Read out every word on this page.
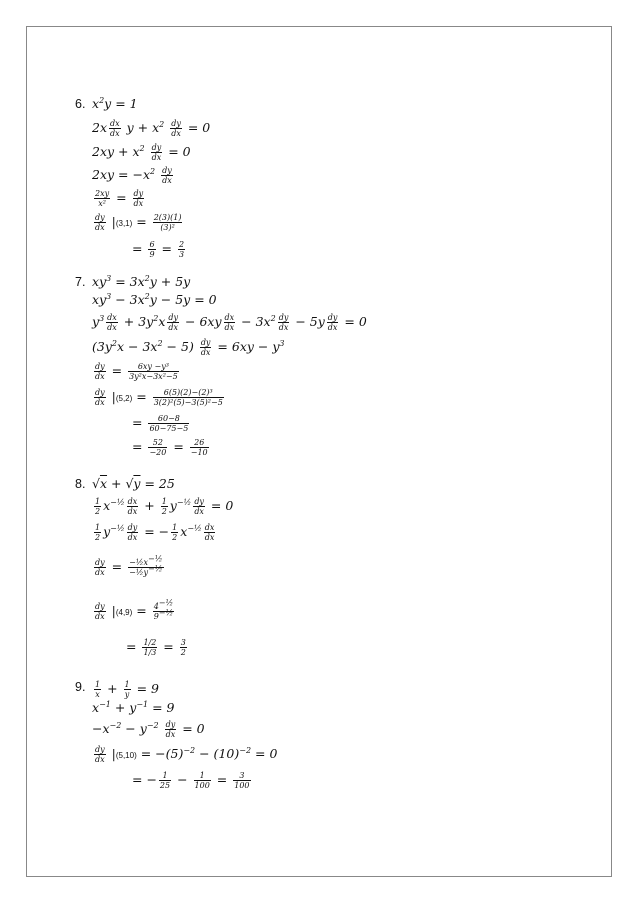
6. $x^2y = 1$
$2x \frac{dx}{dx}$ $y + x^2 \frac{dy}{dx} = 0$
$2xy + x^2 \frac{dy}{dx} = 0$
$2xy = -x^2 \frac{dy}{dx}$
$\frac{2xy}{\text{x²}} = \frac{dy}{dx}$
$\frac{dy}{dx} |(3,1) = \frac{2(3)(1)}{\text{(3)²}}$
= $\frac{6}{9} = \frac{2}{3}$
7. $xy^3 = 3x^2y + 5y$
$xy^3 - 3x^2y - 5y = 0$
$y^3 \frac{dx}{dx} + 3y^2x \frac{dy}{dx} - 6xy \frac{dx}{dx} - 3x^2 \frac{dy}{dx} - 5y \frac{dy}{dx} = 0$
$(3y^2x - 3x^2 - 5) \frac{dy}{dx} = 6xy - y^3$
$\frac{dy}{dx} = \frac{\text{6xy −y³}}{\text{3y²x−3x²−5}}$
$\frac{dy}{dx} |(5,2) = \frac{\text{6(5)(2)−(2)³}}{\text{3(2)²(5)−3(5)²−5}}$
= $\frac{60-8}{60-75-5}$
= $\frac{52}{-20} = \frac{26}{-10}$
8. √x + √y = 25
$\frac{1}{2} x^{-\frac{1}{2}} \frac{dx}{dx} + \frac{1}{2} y^{-\frac{1}{2}} \frac{dy}{dx} = 0$
$\frac{1}{2} y^{-\frac{1}{2}} \frac{dy}{dx}$ = − $\frac{1}{2} x^{-\frac{1}{2}} \frac{dx}{dx}$
$\frac{dy}{dx} = \frac{-\frac{1}{2}x^{-\frac{1}{2}}}{-\frac{1}{2}y^{-\frac{1}{2}}}$
$\frac{dy}{dx} |(4,9) = \frac{4^{-\frac{1}{2}}}{9^{-\frac{1}{2}}}$
= $\frac{1/2}{1/3} = \frac{3}{2}$
9. $\frac{1}{x} + \frac{1}{y} = 9$
$x^{-1} + y^{-1} = 9$
$-x^{-2} - y^{-2} \frac{dy}{dx} = 0$
$\frac{dy}{dx} |(5,10) = -(5)^{-2} - (10)^{-2} = 0$
= − $\frac{1}{25} - \frac{1}{100} = \frac{3}{100}$
